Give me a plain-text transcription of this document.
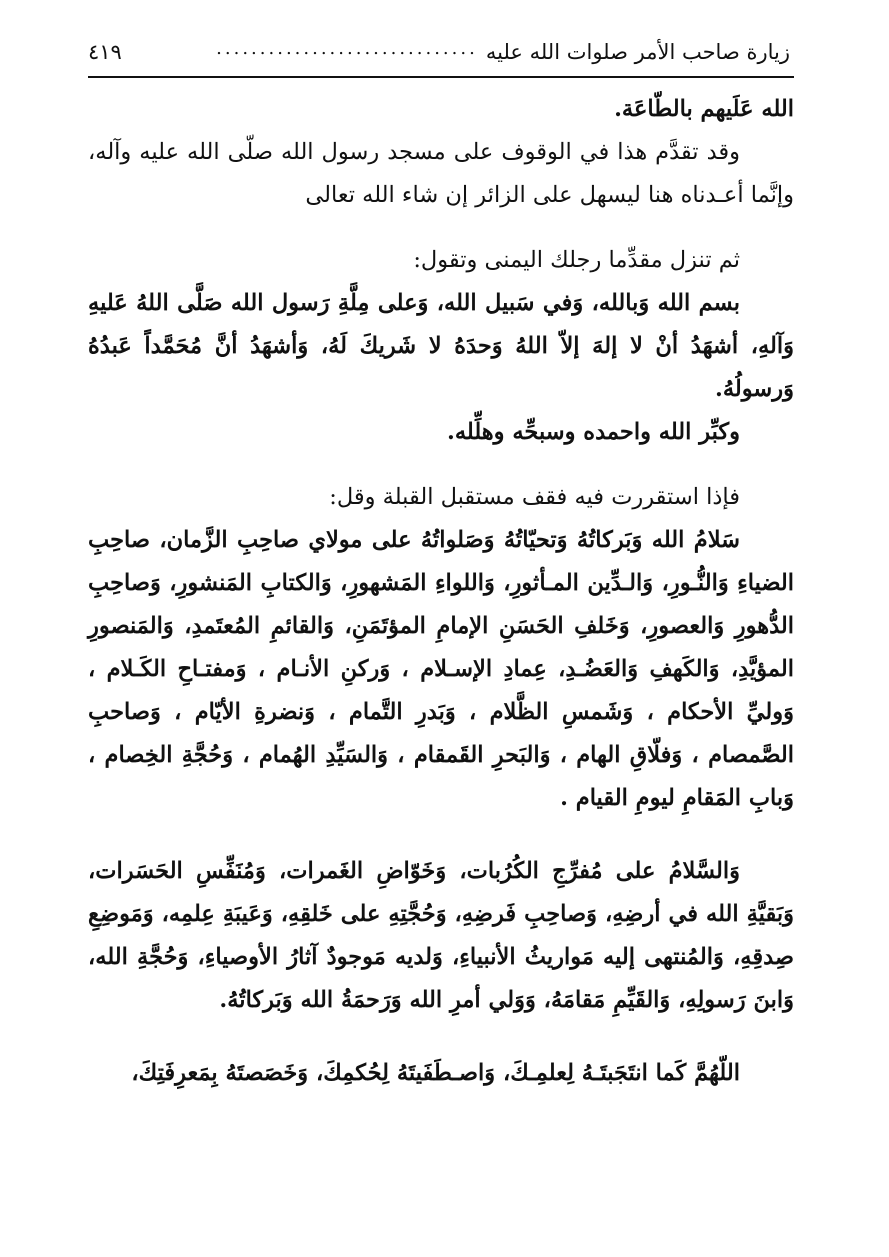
زيارة صاحب الأمر صلوات الله عليه
..............................
٤١٩

الله عَلَيهم بالطّاعَة.

وقد تقدَّم هذا في الوقوف على مسجد رسول الله صلّى الله عليه وآله، وإنَّما أعـدناه هنا ليسهل على الزائر إن شاء الله تعالى

ثم تنزل مقدِّما رجلك اليمنى وتقول:

بسم الله وَبالله، وَفي سَبيل الله، وَعلى مِلَّةِ رَسول الله صَلَّى اللهُ عَليهِ وَآلهِ، أشهَدُ أنْ لا إلهَ إلاّ اللهُ وَحدَهُ لا شَريكَ لَهُ، وَأشهَدُ أنَّ مُحَمَّداً عَبدُهُ وَرسولُهُ.

وكبِّر الله واحمده وسبحِّه وهلِّله.

فإذا استقررت فيه فقف مستقبل القبلة وقل:

سَلامُ الله وَبَركاتُهُ وَتحيّاتُهُ وَصَلواتُهُ على مولاي صاحِبِ الزَّمان، صاحِبِ الضياءِ وَالنُّـورِ، وَالـدِّين المـأثورِ، وَاللواءِ المَشهورِ، وَالكتابِ المَنشورِ، وَصاحِبِ الدُّهورِ وَالعصورِ، وَخَلفِ الحَسَنِ الإمامِ المؤتَمَنِ، وَالقائمِ المُعتَمدِ، وَالمَنصورِ المؤيَّدِ، وَالكَهفِ وَالعَضُـدِ، عِمادِ الإسـلام ، وَركنِ الأنـام ، وَمفتـاحِ الكَـلام ، وَوليِّ الأحكام ، وَشَمسِ الظَّلام ، وَبَدرِ التَّمام ، وَنضرةِ الأيّام ، وَصاحبِ الصَّمصام ، وَفلّاقِ الهام ، وَالبَحرِ القَمقام ، وَالسَيِّدِ الهُمام ، وَحُجَّةِ الخِصام ، وَبابِ المَقامِ ليومِ القيام .

وَالسَّلامُ على مُفرِّجِ الكُرُبات، وَخَوّاضِ الغَمرات، وَمُنَفِّسِ الحَسَرات، وَبَقيَّةِ الله في أرضِهِ، وَصاحِبِ فَرضِهِ، وَحُجَّتِهِ على خَلقِهِ، وَعَيبَةِ عِلمِه، وَمَوضِعِ صِدقِهِ، وَالمُنتهى إليه مَواريثُ الأنبياءِ، وَلديه مَوجودٌ آثارُ الأوصياءِ، وَحُجَّةِ الله، وَابنَ رَسولِهِ، وَالقَيِّمِ مَقامَهُ، وَوَلي أمرِ الله وَرَحمَةُ الله وَبَركاتُهُ.

اللّهُمَّ كَما انتَجَبتَـهُ لِعلمِـكَ، وَاصـطَفَيتَهُ لِحُكمِكَ، وَخَصَصتَهُ بِمَعرِفَتِكَ،
